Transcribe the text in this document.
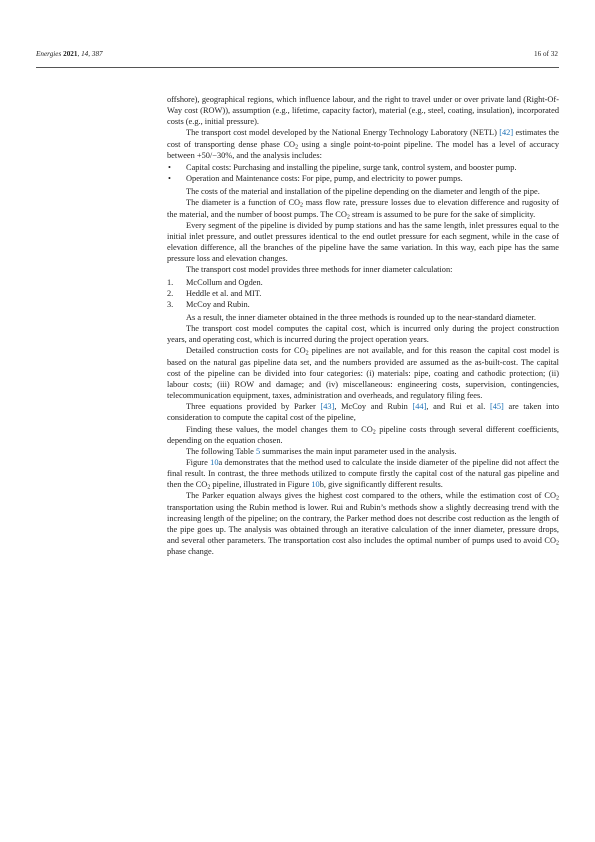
Energies 2021, 14, 387	16 of 32

offshore), geographical regions, which influence labour, and the right to travel under or over private land (Right-Of-Way cost (ROW)), assumption (e.g., lifetime, capacity factor), material (e.g., steel, coating, insulation), incorporated costs (e.g., initial pressure).

The transport cost model developed by the National Energy Technology Laboratory (NETL) [42] estimates the cost of transporting dense phase $CO_2$ using a single point-to-point pipeline. The model has a level of accuracy between +50/−30%, and the analysis includes:

• Capital costs: Purchasing and installing the pipeline, surge tank, control system, and booster pump.
• Operation and Maintenance costs: For pipe, pump, and electricity to power pumps.

The costs of the material and installation of the pipeline depending on the diameter and length of the pipe.

The diameter is a function of $CO_2$ mass flow rate, pressure losses due to elevation difference and rugosity of the material, and the number of boost pumps. The $CO_2$ stream is assumed to be pure for the sake of simplicity.

Every segment of the pipeline is divided by pump stations and has the same length, inlet pressures equal to the initial inlet pressure, and outlet pressures identical to the end outlet pressure for each segment, while in the case of elevation difference, all the branches of the pipeline have the same variation. In this way, each pipe has the same pressure loss and elevation changes.

The transport cost model provides three methods for inner diameter calculation:

1. McCollum and Ogden.
2. Heddle et al. and MIT.
3. McCoy and Rubin.

As a result, the inner diameter obtained in the three methods is rounded up to the near-standard diameter.

The transport cost model computes the capital cost, which is incurred only during the project construction years, and operating cost, which is incurred during the project operation years.

Detailed construction costs for $CO_2$ pipelines are not available, and for this reason the capital cost model is based on the natural gas pipeline data set, and the numbers provided are assumed as the as-built-cost. The capital cost of the pipeline can be divided into four categories: (i) materials: pipe, coating and cathodic protection; (ii) labour costs; (iii) ROW and damage; and (iv) miscellaneous: engineering costs, supervision, contingencies, telecommunication equipment, taxes, administration and overheads, and regulatory filing fees.

Three equations provided by Parker [43], McCoy and Rubin [44], and Rui et al. [45] are taken into consideration to compute the capital cost of the pipeline,

Finding these values, the model changes them to $CO_2$ pipeline costs through several different coefficients, depending on the equation chosen.

The following Table 5 summarises the main input parameter used in the analysis.

Figure 10a demonstrates that the method used to calculate the inside diameter of the pipeline did not affect the final result. In contrast, the three methods utilized to compute firstly the capital cost of the natural gas pipeline and then the $CO_2$ pipeline, illustrated in Figure 10b, give significantly different results.

The Parker equation always gives the highest cost compared to the others, while the estimation cost of $CO_2$ transportation using the Rubin method is lower. Rui and Rubin’s methods show a slightly decreasing trend with the increasing length of the pipeline; on the contrary, the Parker method does not describe cost reduction as the length of the pipe goes up. The analysis was obtained through an iterative calculation of the inner diameter, pressure drops, and several other parameters. The transportation cost also includes the optimal number of pumps used to avoid $CO_2$ phase change.
